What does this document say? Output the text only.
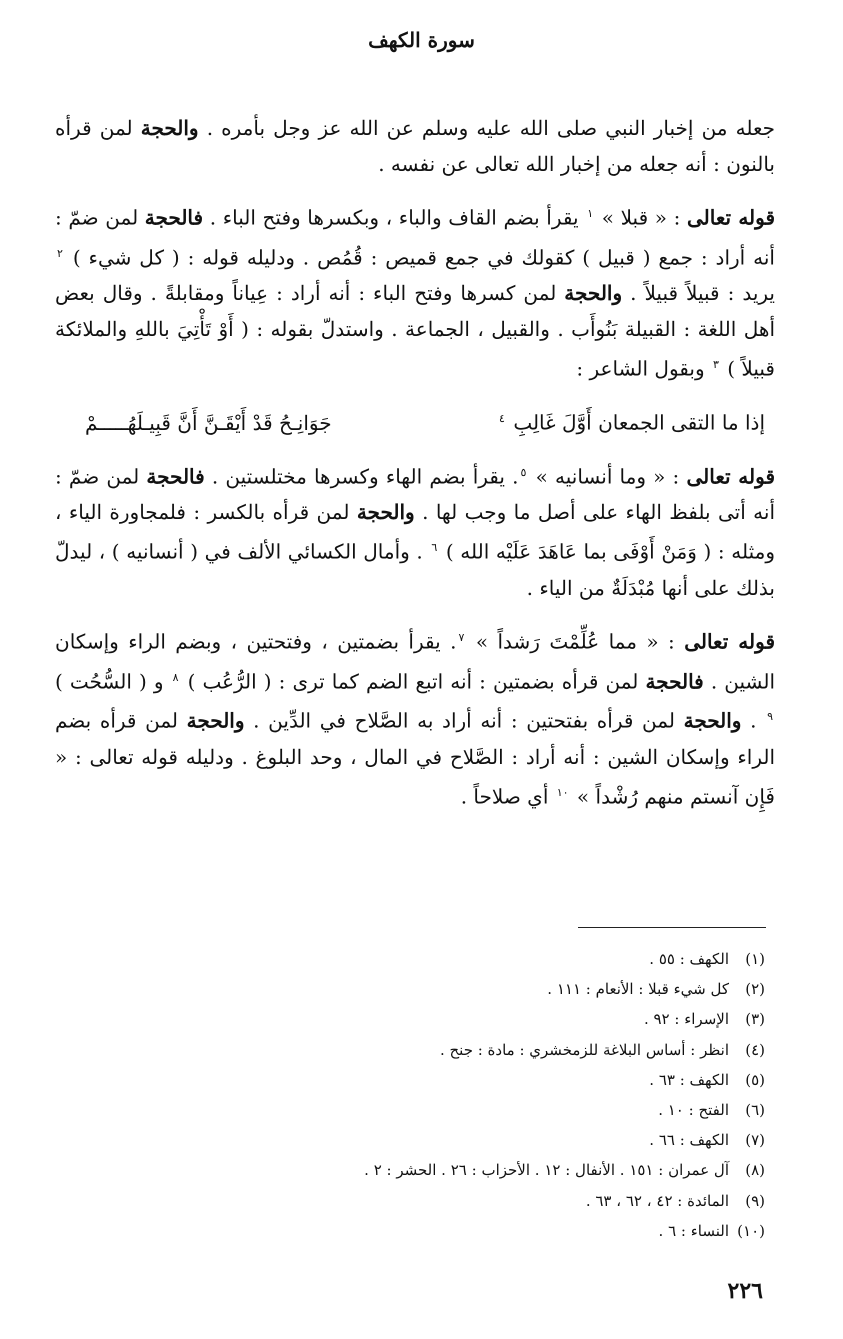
سورة الكهف

جعله من إخبار النبي صلى الله عليه وسلم عن الله عز وجل بأمره . والحجة لمن قرأه بالنون : أنه جعله من إخبار الله تعالى عن نفسه .

قوله تعالى : « قبلا » $^١$ يقرأ بضم القاف والباء ، وبكسرها وفتح الباء . فالحجة لمن ضمّ : أنه أراد : جمع ( قبيل ) كقولك في جمع قميص : قُمُص . ودليله قوله : ( كل شيء ) $^٢$ يريد : قبيلاً قبيلاً . والحجة لمن كسرها وفتح الباء : أنه أراد : عِياناً ومقابلةً . وقال بعض أهل اللغة : القبيلة بَنُوأَب . والقبيل ، الجماعة . واستدلّ بقوله : ( أَوْ تَأْتِيَ باللهِ والملائكة قبيلاً ) $^٣$ وبقول الشاعر :

إذا ما التقى الجمعان أَوَّلَ غَالِبِ $^٤$
جَوَانِـحُ قَدْ أَيْقَـنَّ أَنَّ قَبِيـلَهُـــــمْ

قوله تعالى : « وما أنسانيه » $^٥$. يقرأ بضم الهاء وكسرها مختلستين . فالحجة لمن ضمّ : أنه أتى بلفظ الهاء على أصل ما وجب لها . والحجة لمن قرأه بالكسر : فلمجاورة الياء ، ومثله : ( وَمَنْ أَوْفَى بما عَاهَدَ عَلَيْه الله ) $^٦$ . وأمال الكسائي الألف في ( أنسانيه ) ، ليدلّ بذلك على أنها مُبْدَلَةٌ من الياء .

قوله تعالى : « مما عُلِّمْتَ رَشداً » $^٧$. يقرأ بضمتين ، وفتحتين ، وبضم الراء وإسكان الشين . فالحجة لمن قرأه بضمتين : أنه اتبع الضم كما ترى : ( الرُّعُب ) $^٨$ و ( السُّحُت ) $^٩$ . والحجة لمن قرأه بفتحتين : أنه أراد به الصَّلاح في الدِّين . والحجة لمن قرأه بضم الراء وإسكان الشين : أنه أراد : الصَّلاح في المال ، وحد البلوغ . ودليله قوله تعالى : « فَإِن آنستم منهم رُشْداً » $^{١٠}$ أي صلاحاً .

(١)الكهف : ٥٥ .
(٢)كل شيء قبلا : الأنعام : ١١١ .
(٣)الإسراء : ٩٢ .
(٤)انظر : أساس البلاغة للزمخشري : مادة : جنح .
(٥)الكهف : ٦٣ .
(٦)الفتح : ١٠ .
(٧)الكهف : ٦٦ .
(٨)آل عمران : ١٥١ . الأنفال : ١٢ . الأحزاب : ٢٦ . الحشر : ٢ .
(٩)المائدة : ٤٢ ، ٦٢ ، ٦٣ .
(١٠)النساء : ٦ .
٢٢٦
